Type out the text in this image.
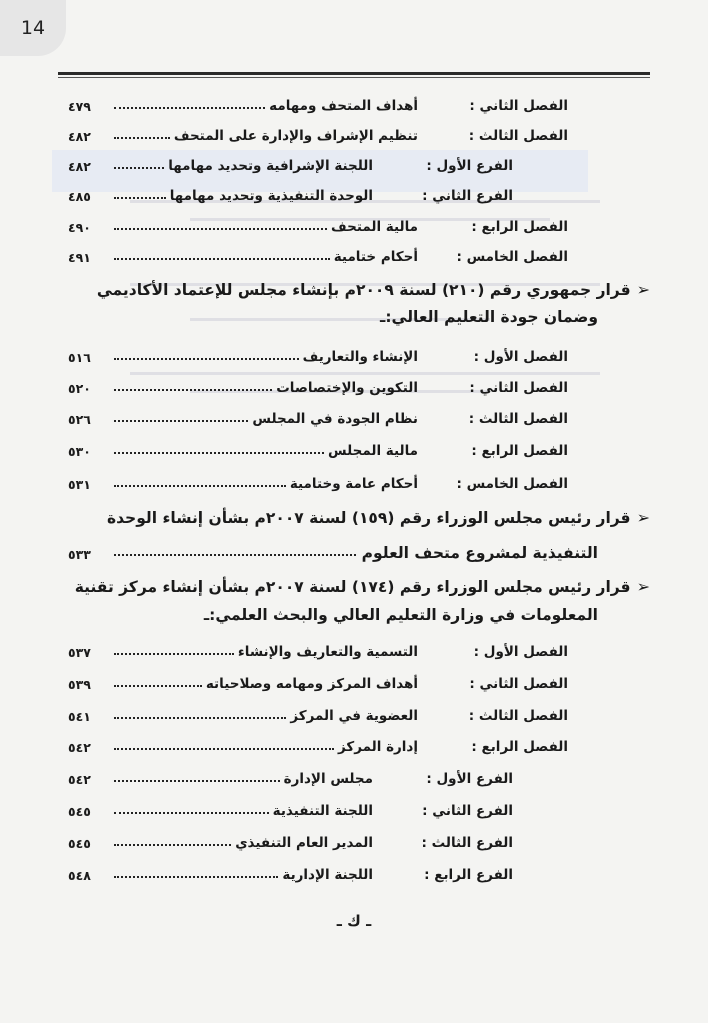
14
٤٧٩	أهداف المتحف ومهامه	الفصل الثاني :
٤٨٢	تنظيم الإشراف والإدارة على المتحف	الفصل الثالث :
٤٨٢	اللجنة الإشرافية وتحديد مهامها	الفرع الأول :
٤٨٥	الوحدة التنفيذية وتحديد مهامها	الفرع الثاني :
٤٩٠	مالية المتحف	الفصل الرابع :
٤٩١	أحكام ختامية	الفصل الخامس :
➢قرار جمهوري رقم (٢١٠) لسنة ٢٠٠٩م بإنشاء مجلس للإعتماد الأكاديمي
وضمان جودة التعليم العالي:ـ
٥١٦	الإنشاء والتعاريف	الفصل الأول :
٥٢٠	التكوين والإختصاصات	الفصل الثاني :
٥٢٦	نظام الجودة في المجلس	الفصل الثالث :
٥٣٠	مالية المجلس	الفصل الرابع :
٥٣١	أحكام عامة وختامية	الفصل الخامس :
➢قرار رئيس مجلس الوزراء رقم (١٥٩) لسنة ٢٠٠٧م بشأن إنشاء الوحدة
٥٣٣	التنفيذية لمشروع متحف العلوم
➢قرار رئيس مجلس الوزراء رقم (١٧٤) لسنة ٢٠٠٧م بشأن إنشاء مركز تقنية
المعلومات في وزارة التعليم العالي والبحث العلمي:ـ
٥٣٧	التسمية والتعاريف والإنشاء	الفصل الأول :
٥٣٩	أهداف المركز ومهامه وصلاحياته	الفصل الثاني :
٥٤١	العضوية في المركز	الفصل الثالث :
٥٤٢	إدارة المركز	الفصل الرابع :
٥٤٢	مجلس الإدارة	الفرع الأول :
٥٤٥	اللجنة التنفيذية	الفرع الثاني :
٥٤٥	المدير العام التنفيذي	الفرع الثالث :
٥٤٨	اللجنة الإدارية	الفرع الرابع :
ـ ك ـ
